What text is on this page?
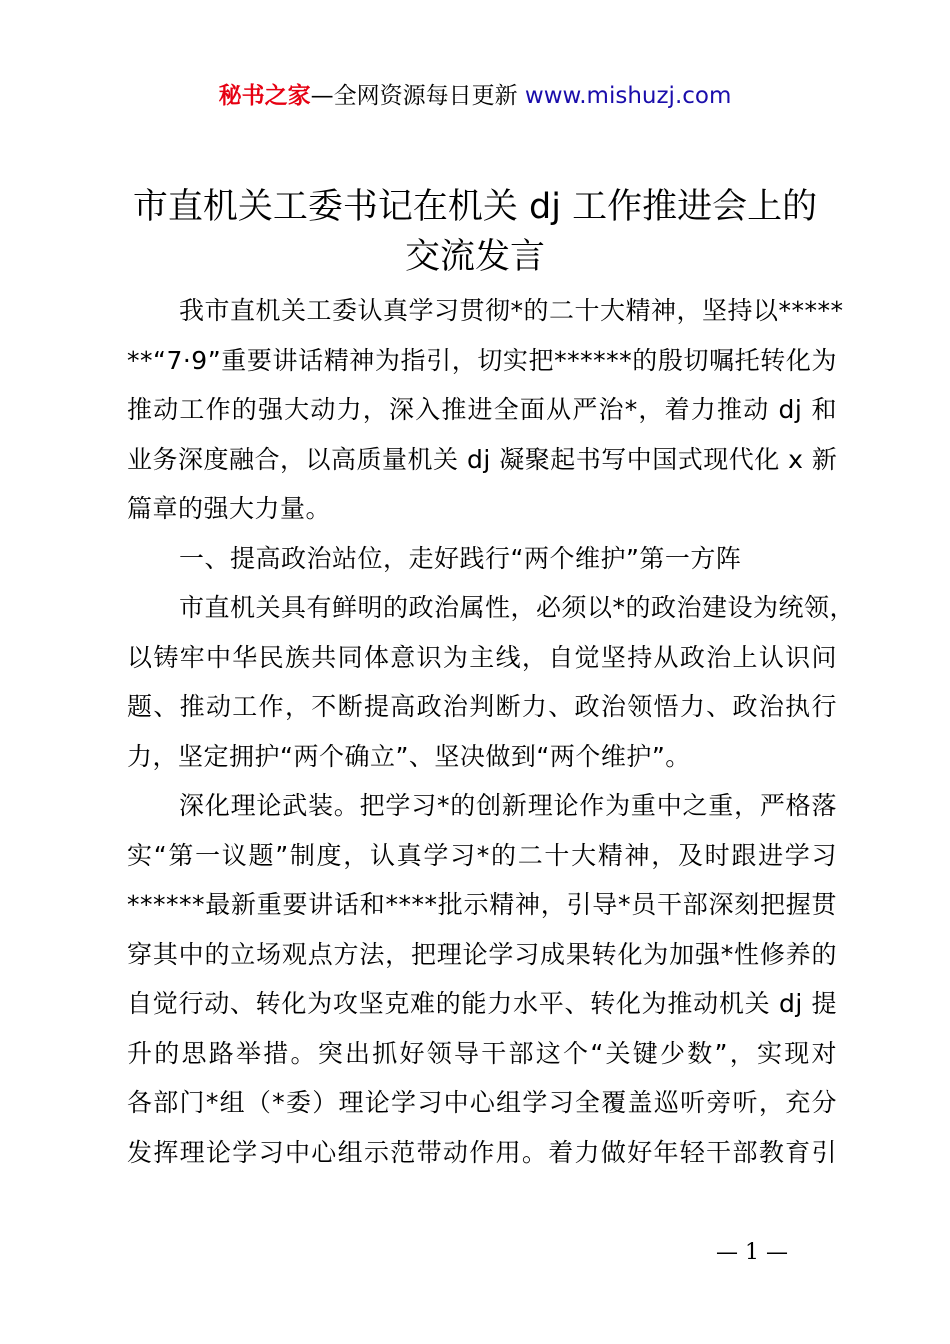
秘书之家—全网资源每日更新 www.mishuzj.com
市直机关工委书记在机关 dj 工作推进会上的
交流发言
我市直机关工委认真学习贯彻*的二十大精神，坚持以*****
**“7·9”重要讲话精神为指引，切实把******的殷切嘱托转化为
推动工作的强大动力，深入推进全面从严治*，着力推动 dj 和
业务深度融合，以高质量机关 dj 凝聚起书写中国式现代化 x 新
篇章的强大力量。
一、提高政治站位，走好践行“两个维护”第一方阵
市直机关具有鲜明的政治属性，必须以*的政治建设为统领，
以铸牢中华民族共同体意识为主线，自觉坚持从政治上认识问
题、推动工作，不断提高政治判断力、政治领悟力、政治执行
力，坚定拥护“两个确立”、坚决做到“两个维护”。
深化理论武装。把学习*的创新理论作为重中之重，严格落
实“第一议题”制度，认真学习*的二十大精神，及时跟进学习
******最新重要讲话和****批示精神，引导*员干部深刻把握贯
穿其中的立场观点方法，把理论学习成果转化为加强*性修养的
自觉行动、转化为攻坚克难的能力水平、转化为推动机关 dj 提
升的思路举措。突出抓好领导干部这个“关键少数”，实现对
各部门*组（*委）理论学习中心组学习全覆盖巡听旁听，充分
发挥理论学习中心组示范带动作用。着力做好年轻干部教育引
— 1 —
